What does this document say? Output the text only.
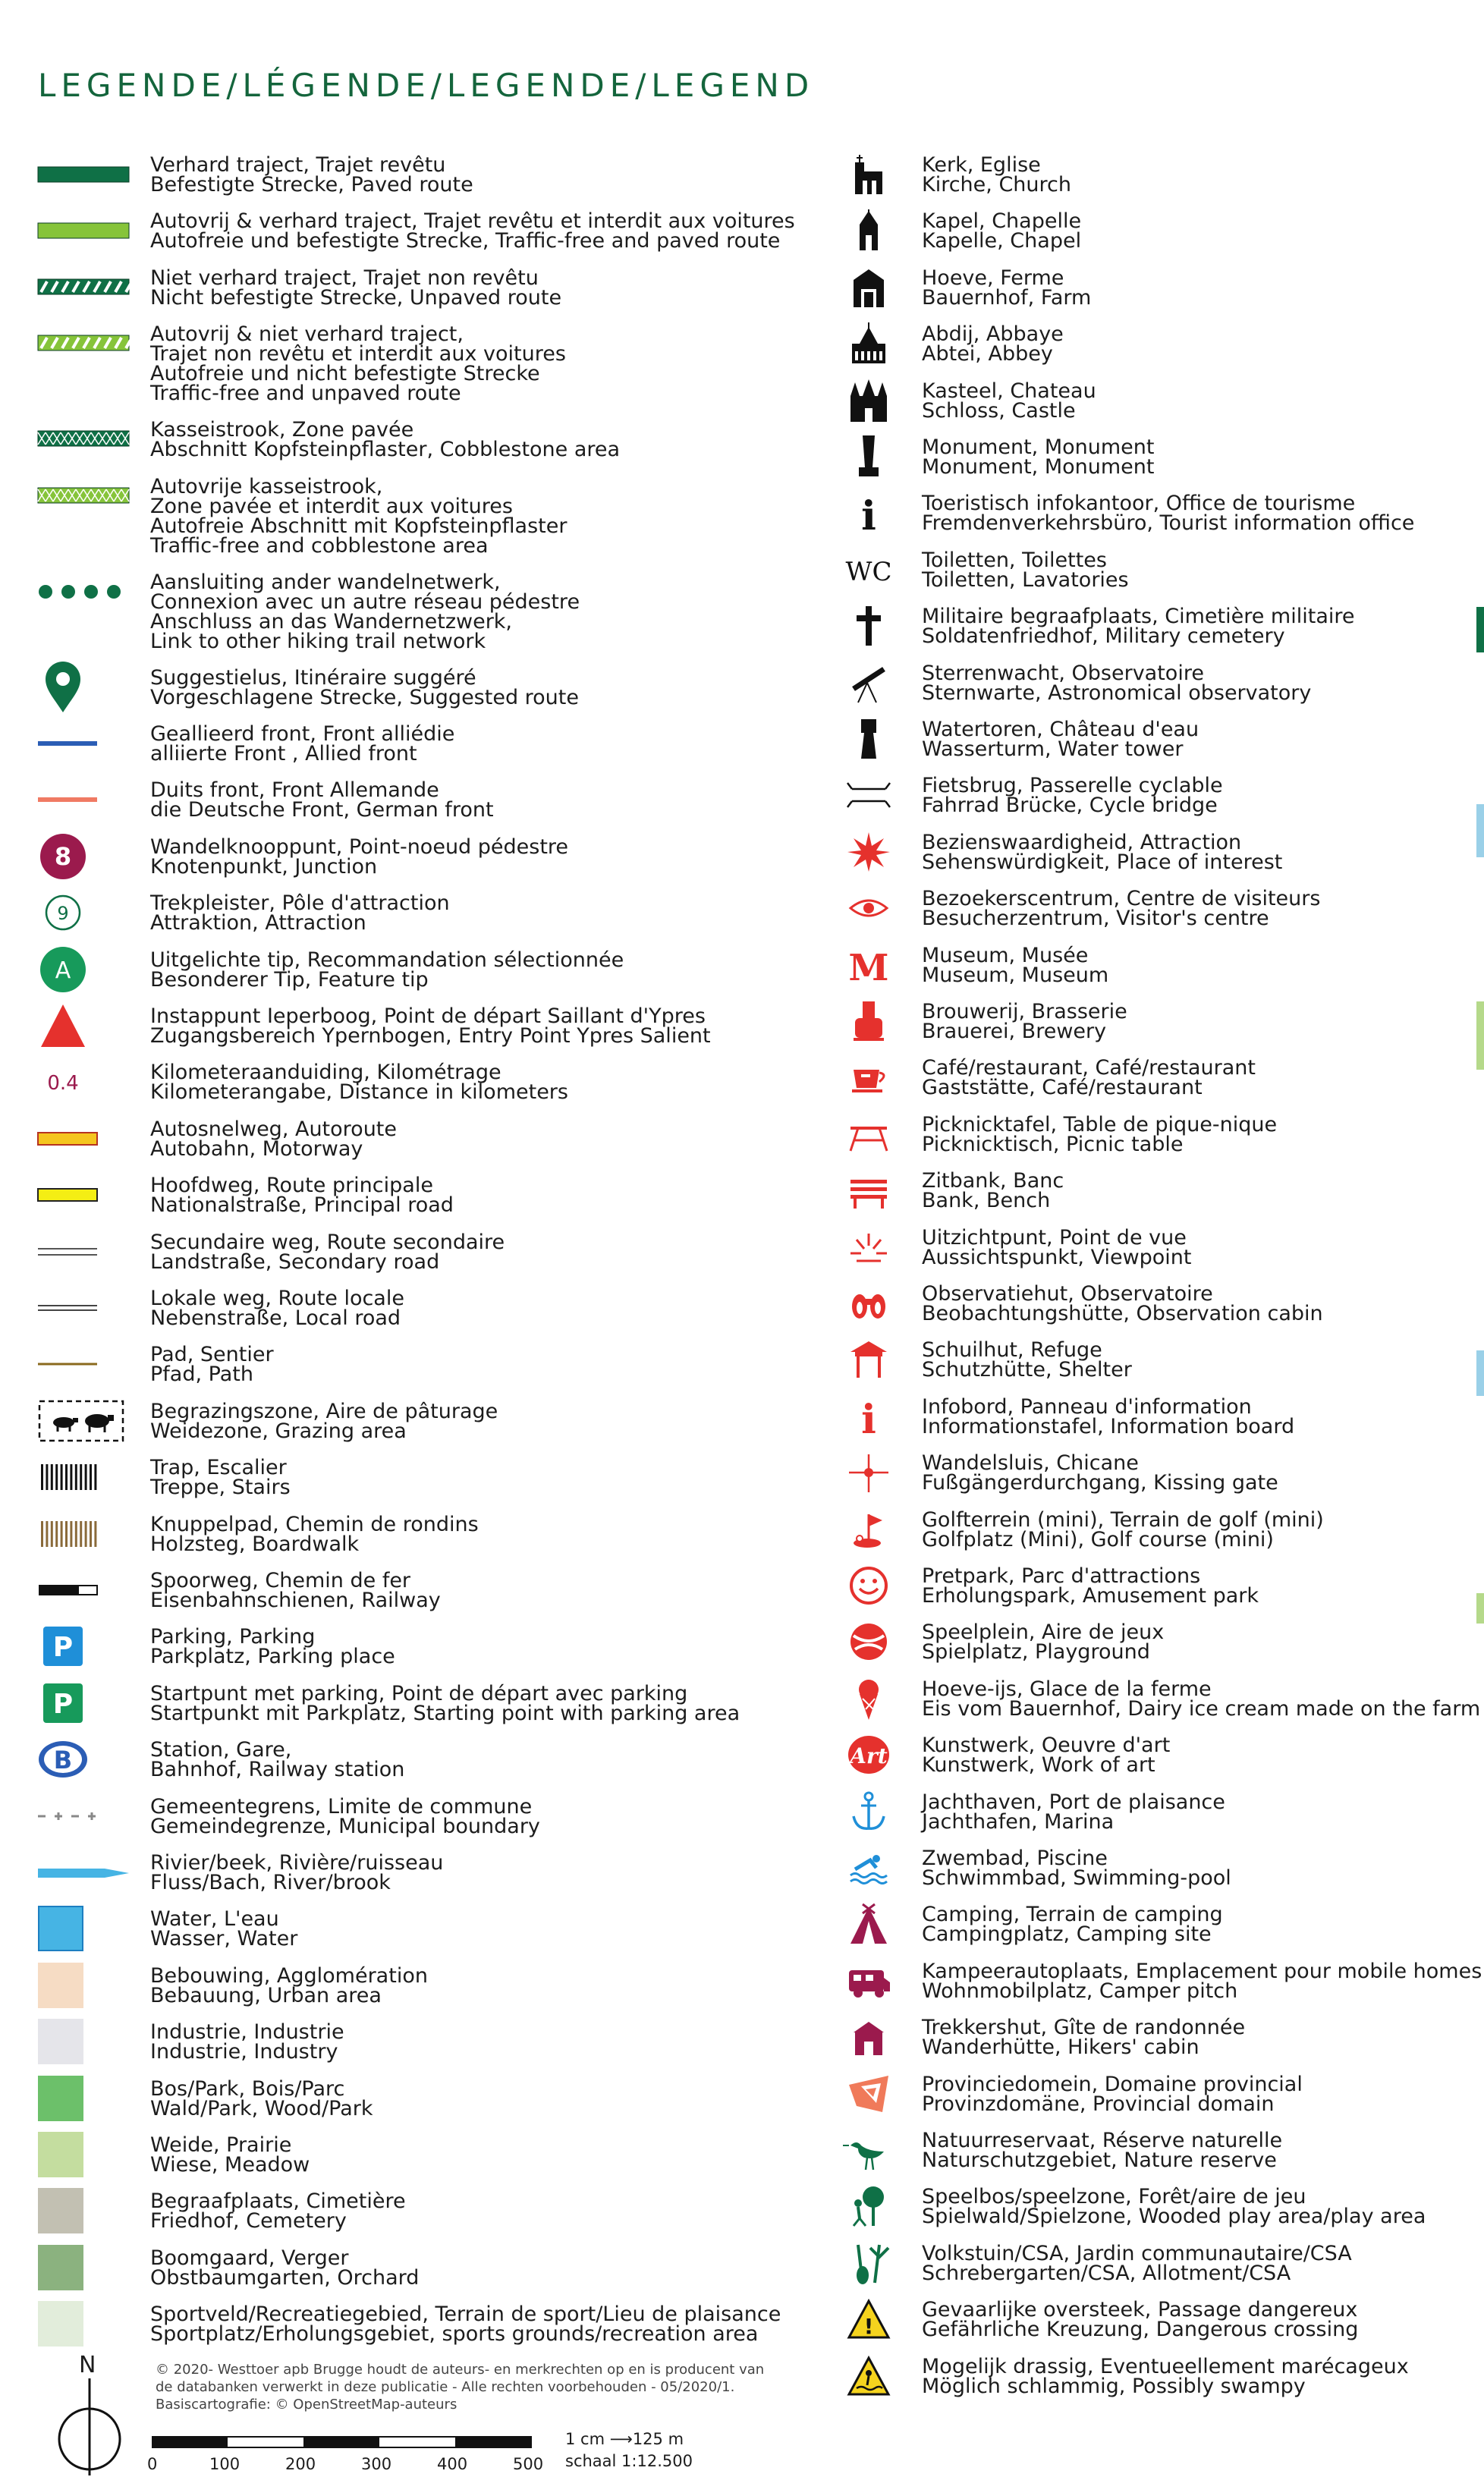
LEGENDE/LÉGENDE/LEGENDE/LEGEND
Verhard traject, Trajet revêtu
Befestigte Strecke, Paved route
Autovrij & verhard traject, Trajet revêtu et interdit aux voitures
Autofreie und befestigte Strecke, Traffic-free and paved route
Niet verhard traject, Trajet non revêtu
Nicht befestigte Strecke, Unpaved route
Autovrij & niet verhard traject,
Trajet non revêtu et interdit aux voitures
Autofreie und nicht befestigte Strecke
Traffic-free and unpaved route
Kasseistrook, Zone pavée
Abschnitt Kopfsteinpflaster, Cobblestone area
Autovrije kasseistrook,
Zone pavée et interdit aux voitures
Autofreie Abschnitt mit Kopfsteinpflaster
Traffic-free and cobblestone area
Aansluiting ander wandelnetwerk,
Connexion avec un autre réseau pédestre
Anschluss an das Wandernetzwerk,
Link to other hiking trail network
Suggestielus, Itinéraire suggéré
Vorgeschlagene Strecke, Suggested route
Geallieerd front, Front alliédie
alliierte Front , Allied front
Duits front, Front Allemande
die Deutsche Front, German front
8	Wandelknooppunt, Point-noeud pédestre
Knotenpunkt, Junction
9	Trekpleister, Pôle d'attraction
Attraktion, Attraction
A	Uitgelichte tip, Recommandation sélectionnée
Besonderer Tip, Feature tip
Instappunt Ieperboog, Point de départ Saillant d'Ypres
Zugangsbereich Ypernbogen, Entry Point Ypres Salient
0.4	Kilometeraanduiding, Kilométrage
Kilometerangabe, Distance in kilometers
Autosnelweg, Autoroute
Autobahn, Motorway
Hoofdweg, Route principale
Nationalstraße, Principal road
Secundaire weg, Route secondaire
Landstraße, Secondary road
Lokale weg, Route locale
Nebenstraße, Local road
Pad, Sentier
Pfad, Path
Begrazingszone, Aire de pâturage
Weidezone, Grazing area
Trap, Escalier
Treppe, Stairs
Knuppelpad, Chemin de rondins
Holzsteg, Boardwalk
Spoorweg, Chemin de fer
Eisenbahnschienen, Railway
P	Parking, Parking
Parkplatz, Parking place
P	Startpunt met parking, Point de départ avec parking
Startpunkt mit Parkplatz, Starting point with parking area
B	Station, Gare,
Bahnhof, Railway station
Gemeentegrens, Limite de commune
Gemeindegrenze, Municipal boundary
Rivier/beek, Rivière/ruisseau
Fluss/Bach, River/brook
Water, L'eau
Wasser, Water
Bebouwing, Agglomération
Bebauung, Urban area
Industrie, Industrie
Industrie, Industry
Bos/Park, Bois/Parc
Wald/Park, Wood/Park
Weide, Prairie
Wiese, Meadow
Begraafplaats, Cimetière
Friedhof, Cemetery
Boomgaard, Verger
Obstbaumgarten, Orchard
Sportveld/Recreatiegebied, Terrain de sport/Lieu de plaisance
Sportplatz/Erholungsgebiet, sports grounds/recreation area
Kerk, Eglise
Kirche, Church
Kapel, Chapelle
Kapelle, Chapel
Hoeve, Ferme
Bauernhof, Farm
Abdij, Abbaye
Abtei, Abbey
Kasteel, Chateau
Schloss, Castle
Monument, Monument
Monument, Monument
i Toeristisch infokantoor, Office de tourisme
Fremdenverkehrsbüro, Tourist information office
WC Toiletten, Toilettes
Toiletten, Lavatories
Militaire begraafplaats, Cimetière militaire
Soldatenfriedhof, Military cemetery
Sterrenwacht, Observatoire
Sternwarte, Astronomical observatory
Watertoren, Château d'eau
Wasserturm, Water tower
Fietsbrug, Passerelle cyclable
Fahrrad Brücke, Cycle bridge
Bezienswaardigheid, Attraction
Sehenswürdigkeit, Place of interest
Bezoekerscentrum, Centre de visiteurs
Besucherzentrum, Visitor's centre
M Museum, Musée
Museum, Museum
Brouwerij, Brasserie
Brauerei, Brewery
Café/restaurant, Café/restaurant
Gaststätte, Café/restaurant
Picknicktafel, Table de pique-nique
Picknicktisch, Picnic table
Zitbank, Banc
Bank, Bench
Uitzichtpunt, Point de vue
Aussichtspunkt, Viewpoint
Observatiehut, Observatoire
Beobachtungshütte, Observation cabin
Schuilhut, Refuge
Schutzhütte, Shelter
i Infobord, Panneau d'information
Informationstafel, Information board
Wandelsluis, Chicane
Fußgängerdurchgang, Kissing gate
Golfterrein (mini), Terrain de golf (mini)
Golfplatz (Mini), Golf course (mini)
Pretpark, Parc d'attractions
Erholungspark, Amusement park
Speelplein, Aire de jeux
Spielplatz, Playground
Hoeve-ijs, Glace de la ferme
Eis vom Bauernhof, Dairy ice cream made on the farm
Art Kunstwerk, Oeuvre d'art
Kunstwerk, Work of art
Jachthaven, Port de plaisance
Jachthafen, Marina
Zwembad, Piscine
Schwimmbad, Swimming-pool
Camping, Terrain de camping
Campingplatz, Camping site
Kampeerautoplaats, Emplacement pour mobile homes
Wohnmobilplatz, Camper pitch
Trekkershut, Gîte de randonnée
Wanderhütte, Hikers' cabin
Provinciedomein, Domaine provincial
Provinzdomäne, Provincial domain
Natuurreservaat, Réserve naturelle
Naturschutzgebiet, Nature reserve
Speelbos/speelzone, Forêt/aire de jeu
Spielwald/Spielzone, Wooded play area/play area
Volkstuin/CSA, Jardin communautaire/CSA
Schrebergarten/CSA, Allotment/CSA
!
Gevaarlijke oversteek, Passage dangereux
Gefährliche Kreuzung, Dangerous crossing
Mogelijk drassig, Eventueellement marécageux
Möglich schlammig, Possibly swampy
N	© 2020- Westtoer apb Brugge houdt de auteurs- en merkrechten op en is producent van de databanken verwerkt in deze publicatie - Alle rechten voorbehouden - 05/2020/1. Basiscartografie: © OpenStreetMap-auteurs
0	100	200	300	400	500
1 cm ⟶125 m
schaal 1:12.500
